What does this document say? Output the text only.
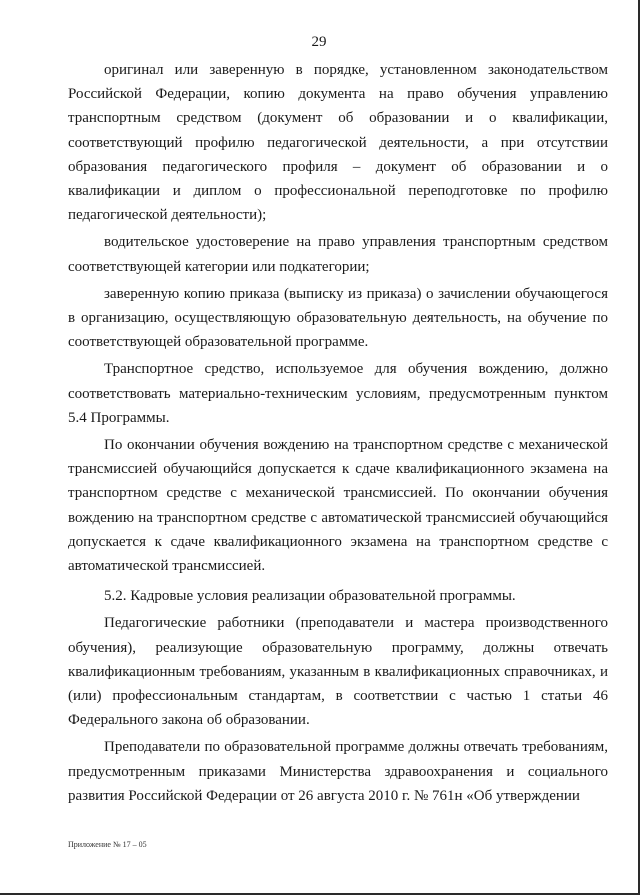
29

оригинал или заверенную в порядке, установленном законодательством Российской Федерации, копию документа на право обучения управлению транспортным средством (документ об образовании и о квалификации, соответствующий профилю педагогической деятельности, а при отсутствии образования педагогического профиля – документ об образовании и о квалификации и диплом о профессиональной переподготовке по профилю педагогической деятельности);

водительское удостоверение на право управления транспортным средством соответствующей категории или подкатегории;

заверенную копию приказа (выписку из приказа) о зачислении обучающегося в организацию, осуществляющую образовательную деятельность, на обучение по соответствующей образовательной программе.

Транспортное средство, используемое для обучения вождению, должно соответствовать материально-техническим условиям, предусмотренным пунктом 5.4 Программы.

По окончании обучения вождению на транспортном средстве с механической трансмиссией обучающийся допускается к сдаче квалификационного экзамена на транспортном средстве с механической трансмиссией. По окончании обучения вождению на транспортном средстве с автоматической трансмиссией обучающийся допускается к сдаче квалификационного экзамена на транспортном средстве с автоматической трансмиссией.

5.2. Кадровые условия реализации образовательной программы.

Педагогические работники (преподаватели и мастера производственного обучения), реализующие образовательную программу, должны отвечать квалификационным требованиям, указанным в квалификационных справочниках, и (или) профессиональным стандартам, в соответствии с частью 1 статьи 46 Федерального закона об образовании.

Преподаватели по образовательной программе должны отвечать требованиям, предусмотренным приказами Министерства здравоохранения и социального развития Российской Федерации от 26 августа 2010 г. № 761н «Об утверждении

Приложение № 17 – 05
